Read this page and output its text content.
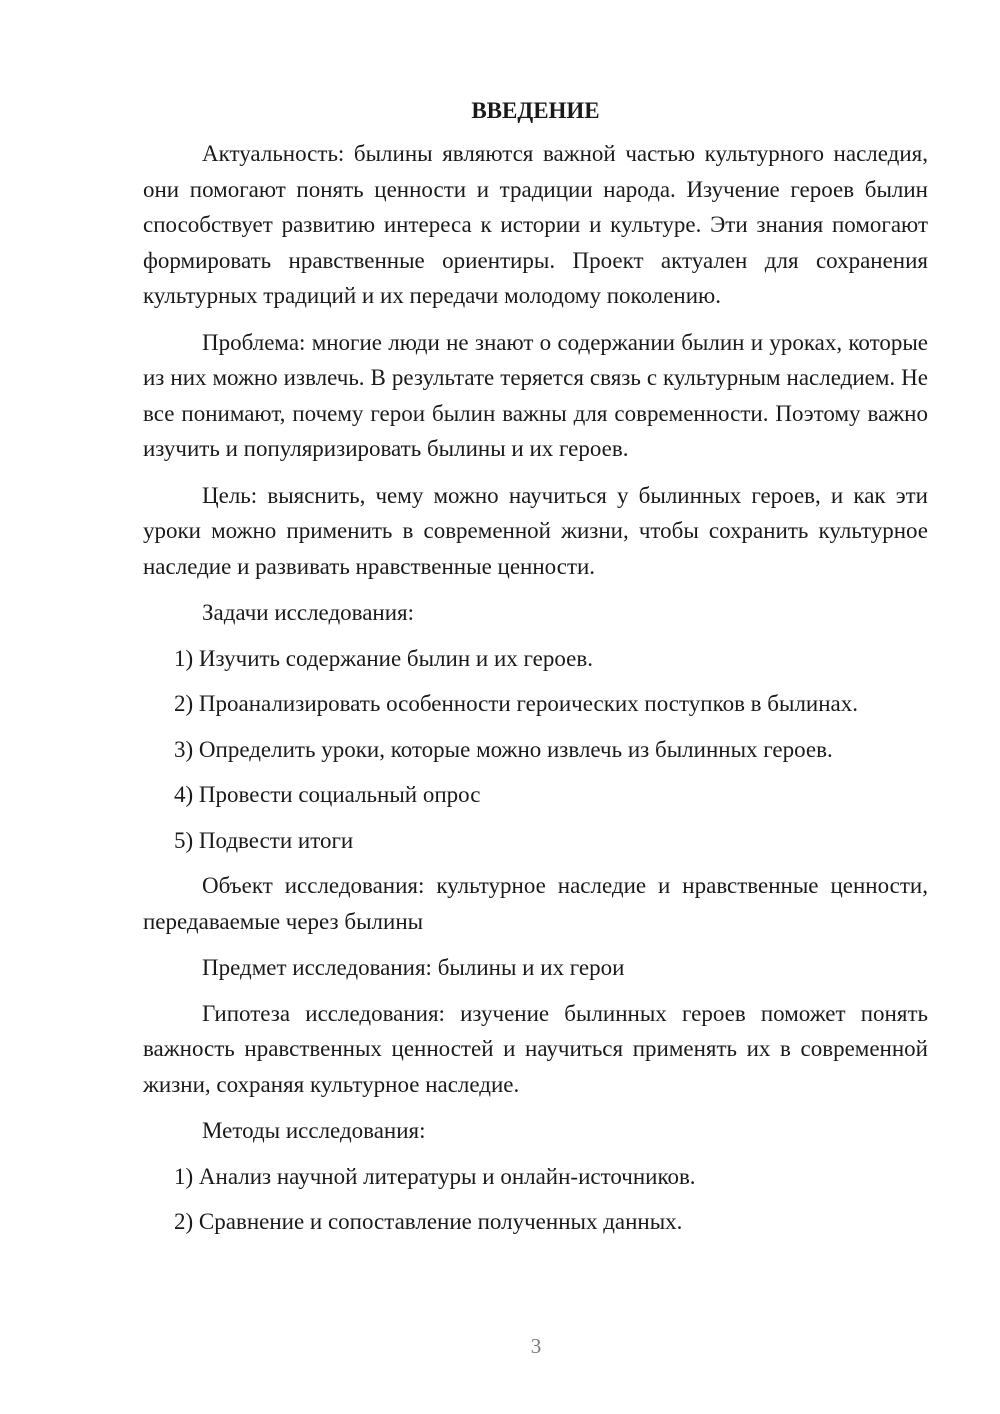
ВВЕДЕНИЕ

Актуальность: былины являются важной частью культурного наследия, они помогают понять ценности и традиции народа. Изучение героев былин способствует развитию интереса к истории и культуре. Эти знания помогают формировать нравственные ориентиры. Проект актуален для сохранения культурных традиций и их передачи молодому поколению.

Проблема: многие люди не знают о содержании былин и уроках, которые из них можно извлечь. В результате теряется связь с культурным наследием. Не все понимают, почему герои былин важны для современности. Поэтому важно изучить и популяризировать былины и их героев.

Цель: выяснить, чему можно научиться у былинных героев, и как эти уроки можно применить в современной жизни, чтобы сохранить культурное наследие и развивать нравственные ценности.

Задачи исследования:

1) Изучить содержание былин и их героев.

2) Проанализировать особенности героических поступков в былинах.

3) Определить уроки, которые можно извлечь из былинных героев.

4) Провести социальный опрос

5) Подвести итоги

Объект исследования: культурное наследие и нравственные ценности, передаваемые через былины

Предмет исследования: былины и их герои

Гипотеза исследования: изучение былинных героев поможет понять важность нравственных ценностей и научиться применять их в современной жизни, сохраняя культурное наследие.

Методы исследования:

1) Анализ научной литературы и онлайн-источников.

2) Сравнение и сопоставление полученных данных.

3
